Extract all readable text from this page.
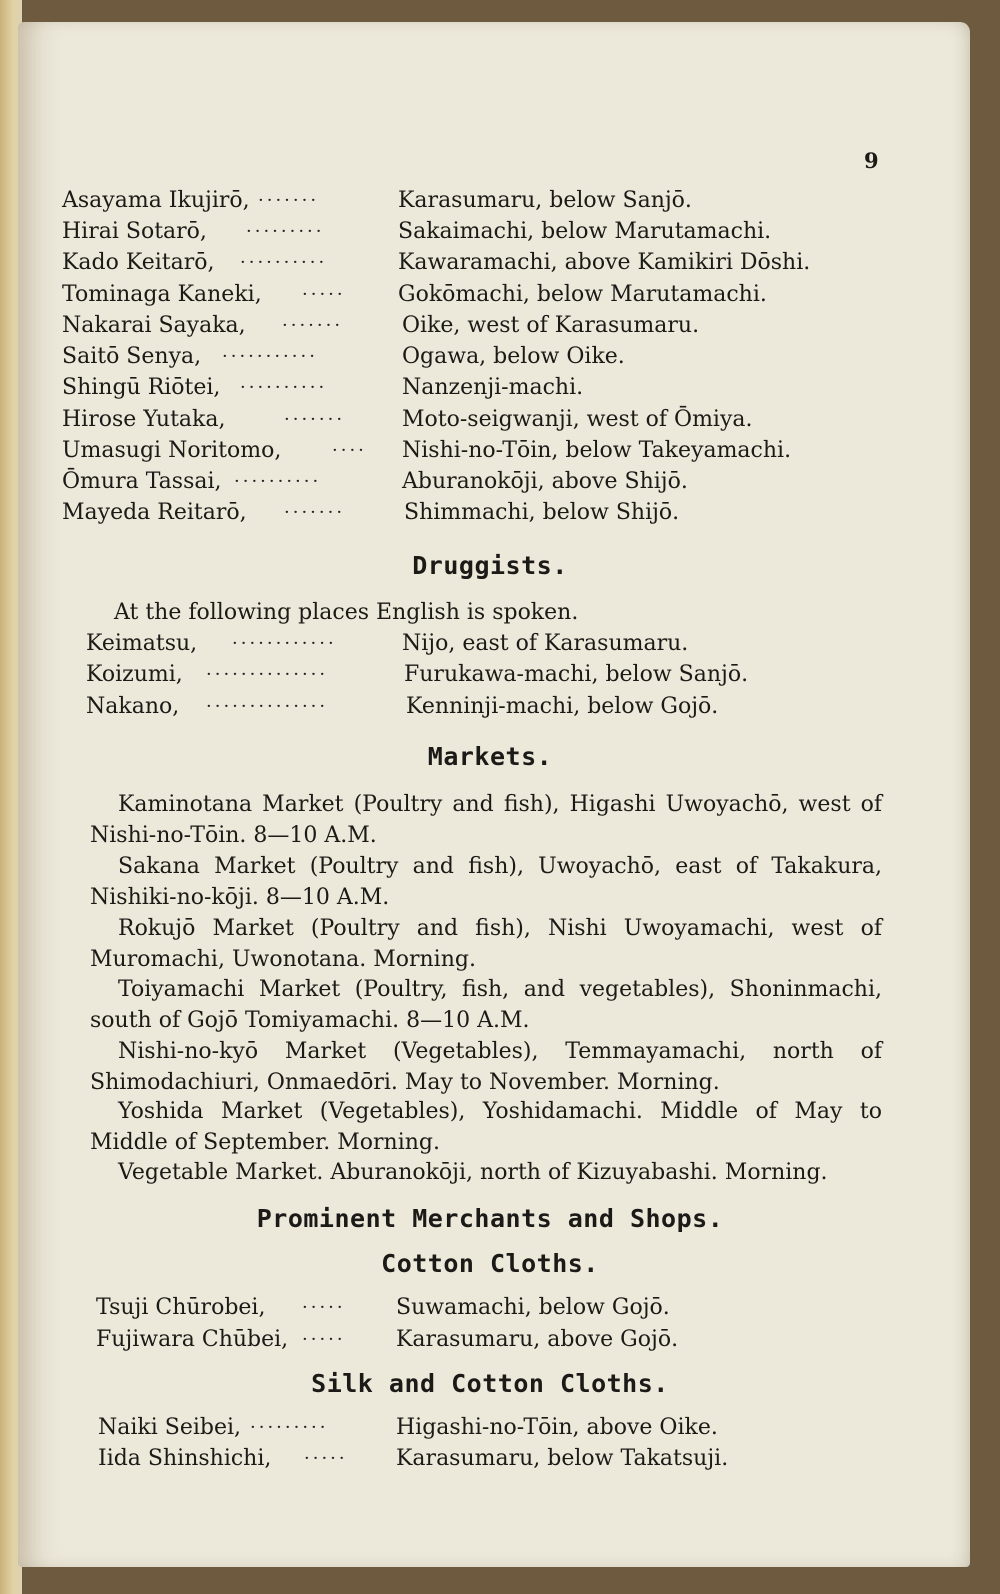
9
Asayama Ikujirō, ·······	Karasumaru, below Sanjō.
Hirai Sotarō, ·········	Sakaimachi, below Marutamachi.
Kado Keitarō, ··········	Kawaramachi, above Kamikiri Dōshi.
Tominaga Kaneki, ····· Gokōmachi, below Marutamachi.
Nakarai Sayaka, ·······	Oike, west of Karasumaru.
Saitō Senya, ···········	Ogawa, below Oike.
Shingū Riōtei, ··········	Nanzenji-machi.
Hirose Yutaka,	·······	Moto-seigwanji, west of Ōmiya.
Umasugi Noritomo,	···· Nishi-no-Tōin, below Takeyamachi.
Ōmura Tassai, ··········	Aburanokōji, above Shijō.
Mayeda Reitarō, ·······	Shimmachi, below Shijō.
Druggists.
At the following places English is spoken.
Keimatsu, ············	Nijo, east of Karasumaru.
Koizumi, ··············	Furukawa-machi, below Sanjō.
Nakano, ··············	Kenninji-machi, below Gojō.
Markets.
Kaminotana Market (Poultry and fish), Higashi Uwoyachō, west of Nishi-no-Tōin. 8—10 A.M.
Sakana Market (Poultry and fish), Uwoyachō, east of Takakura, Nishiki-no-kōji. 8—10 A.M.
Rokujō Market (Poultry and fish), Nishi Uwoyamachi, west of Muromachi, Uwonotana. Morning.
Toiyamachi Market (Poultry, fish, and vegetables), Shoninmachi, south of Gojō Tomiyamachi. 8—10 A.M.
Nishi-no-kyō Market (Vegetables), Temmayamachi, north of Shimodachiuri, Onmaedōri. May to November. Morning.
Yoshida Market (Vegetables), Yoshidamachi. Middle of May to Middle of September. Morning.
Vegetable Market. Aburanokōji, north of Kizuyabashi. Morning.
Prominent Merchants and Shops.
Cotton Cloths.
Tsuji Chūrobei, ····· Suwamachi, below Gojō.
Fujiwara Chūbei, ····· Karasumaru, above Gojō.
Silk and Cotton Cloths.
Naiki Seibei, ·········	Higashi-no-Tōin, above Oike.
Iida Shinshichi, ····· Karasumaru, below Takatsuji.
